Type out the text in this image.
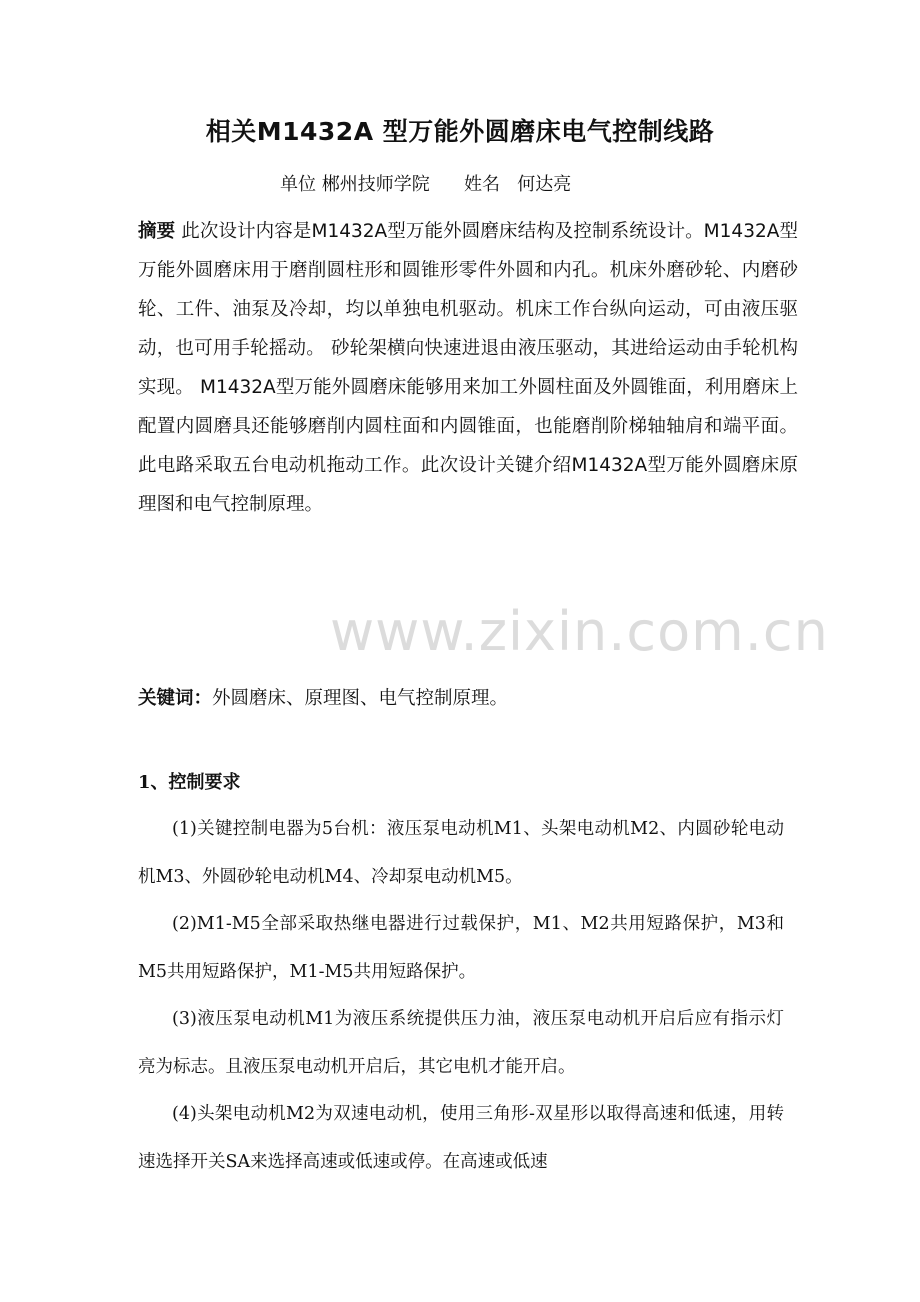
相关M1432A 型万能外圆磨床电气控制线路
单位 郴州技师学院      姓名   何达亮

摘要 此次设计内容是M1432A型万能外圆磨床结构及控制系统设计。M1432A型万能外圆磨床用于磨削圆柱形和圆锥形零件外圆和内孔。机床外磨砂轮、内磨砂轮、工件、油泵及冷却，均以单独电机驱动。机床工作台纵向运动，可由液压驱动，也可用手轮摇动。 砂轮架横向快速进退由液压驱动，其进给运动由手轮机构实现。 M1432A型万能外圆磨床能够用来加工外圆柱面及外圆锥面，利用磨床上配置内圆磨具还能够磨削内圆柱面和内圆锥面，也能磨削阶梯轴轴肩和端平面。此电路采取五台电动机拖动工作。此次设计关键介绍M1432A型万能外圆磨床原理图和电气控制原理。

www.zixin.com.cn

关键词：外圆磨床、原理图、电气控制原理。

1、控制要求

(1)关键控制电器为5台机：液压泵电动机M1、头架电动机M2、内圆砂轮电动机M3、外圆砂轮电动机M4、冷却泵电动机M5。

(2)M1-M5全部采取热继电器进行过载保护，M1、M2共用短路保护，M3和M5共用短路保护，M1-M5共用短路保护。

(3)液压泵电动机M1为液压系统提供压力油，液压泵电动机开启后应有指示灯亮为标志。且液压泵电动机开启后，其它电机才能开启。

(4)头架电动机M2为双速电动机，使用三角形-双星形以取得高速和低速，用转速选择开关SA来选择高速或低速或停。在高速或低速
